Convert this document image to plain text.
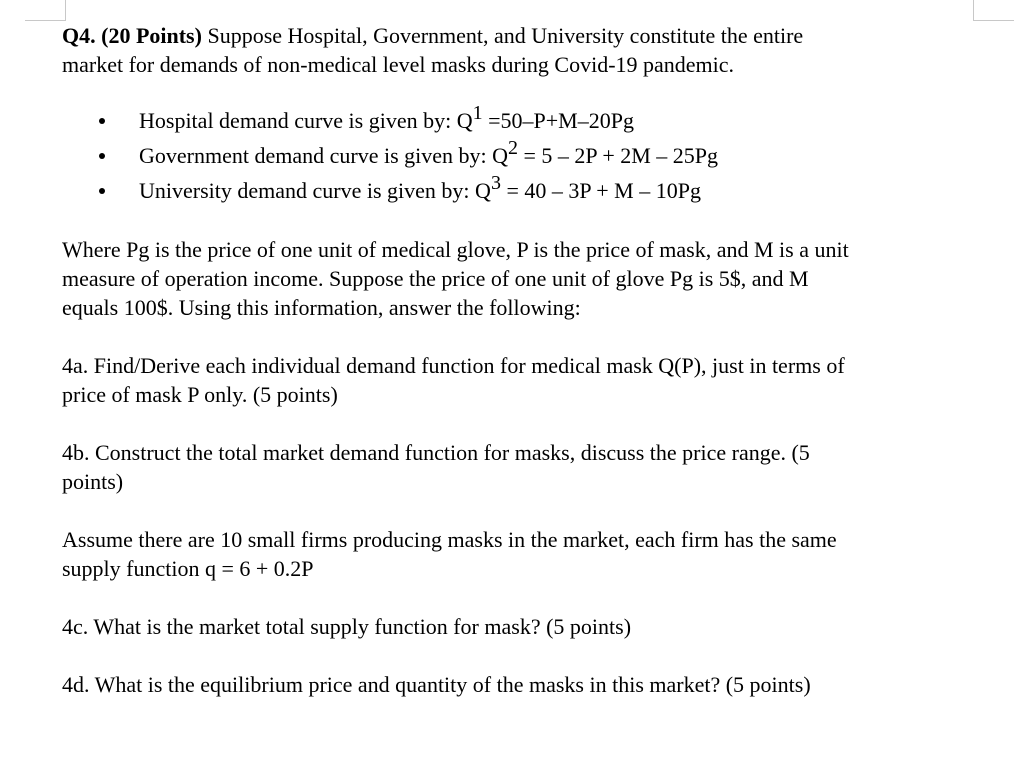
Q4. (20 Points) Suppose Hospital, Government, and University constitute the entire
market for demands of non-medical level masks during Covid-19 pandemic.

Hospital demand curve is given by: $Q^1 =50-P+M-20Pg$
Government demand curve is given by: $Q^2 = 5 - 2P + 2M - 25Pg$
University demand curve is given by: $Q^3 = 40 - 3P + M - 10Pg$

Where Pg is the price of one unit of medical glove, P is the price of mask, and M is a unit
measure of operation income. Suppose the price of one unit of glove Pg is 5$, and M
equals 100$. Using this information, answer the following:

4a. Find/Derive each individual demand function for medical mask Q(P), just in terms of
price of mask P only. (5 points)

4b. Construct the total market demand function for masks, discuss the price range. (5
points)

Assume there are 10 small firms producing masks in the market, each firm has the same
supply function q = 6 + 0.2P

4c. What is the market total supply function for mask? (5 points)

4d. What is the equilibrium price and quantity of the masks in this market? (5 points)
